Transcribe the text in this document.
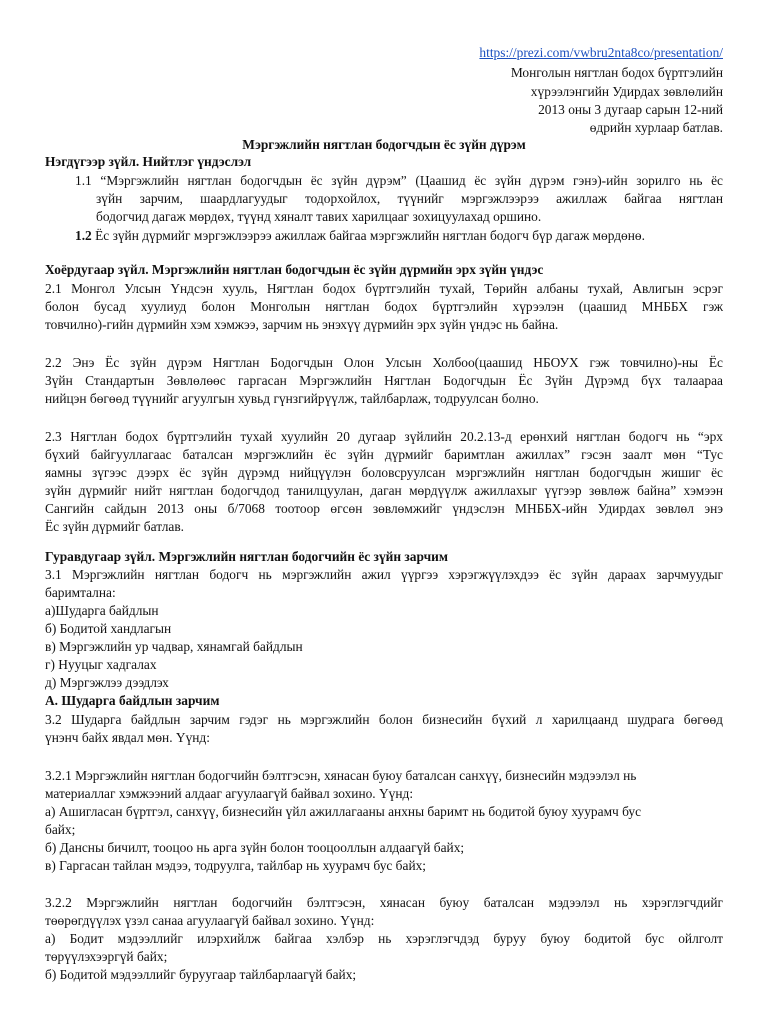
https://prezi.com/vwbru2nta8co/presentation/
Монголын нягтлан бодох бүртгэлийн
хүрээлэнгийн Удирдах зөвлөлийн
2013 оны 3 дугаар сарын 12-ний
өдрийн хурлаар батлав.
Мэргэжлийн нягтлан бодогчдын ёс зүйн дүрэм
Нэгдүгээр зүйл. Нийтлэг үндэслэл
1.1 “Мэргэжлийн нягтлан бодогчдын ёс зүйн дүрэм” (Цаашид ёс зүйн дүрэм гэнэ)-ийн зорилго нь ёс
зүйн зарчим, шаардлагуудыг тодорхойлох, түүнийг мэргэжлээрээ ажиллаж байгаа нягтлан
бодогчид дагаж мөрдөх, түүнд хяналт тавих харилцааг зохицуулахад оршино.
1.2 Ёс зүйн дүрмийг мэргэжлээрээ ажиллаж байгаа мэргэжлийн нягтлан бодогч бүр дагаж мөрдөнө.
Хоёрдугаар зүйл. Мэргэжлийн нягтлан бодогчдын ёс зүйн дүрмийн эрх зүйн үндэс
2.1 Монгол Улсын Үндсэн хууль, Нягтлан бодох бүртгэлийн тухай, Төрийн албаны тухай, Авлигын эсрэг
болон бусад хуулиуд болон Монголын нягтлан бодох бүртгэлийн хүрээлэн (цаашид МНББХ гэж
товчилно)-гийн дүрмийн хэм хэмжээ, зарчим нь энэхүү дүрмийн эрх зүйн үндэс нь байна.
2.2 Энэ Ёс зүйн дүрэм Нягтлан Бодогчдын Олон Улсын Холбоо(цаашид НБОУХ гэж товчилно)-ны Ёс
Зүйн Стандартын Зөвлөлөөс гаргасан Мэргэжлийн Нягтлан Бодогчдын Ёс Зүйн Дүрэмд бүх талаараа
нийцэн бөгөөд түүнийг агуулгын хувьд гүнзгийрүүлж, тайлбарлаж, тодруулсан болно.
2.3 Нягтлан бодох бүртгэлийн тухай хуулийн 20 дугаар зүйлийн 20.2.13-д ерөнхий нягтлан бодогч нь “эрх
бүхий байгууллагаас баталсан мэргэжлийн ёс зүйн дүрмийг баримтлан ажиллах” гэсэн заалт мөн “Тус
яамны зүгээс дээрх ёс зүйн дүрэмд нийцүүлэн боловсруулсан мэргэжлийн нягтлан бодогчдын жишиг ёс
зүйн дүрмийг нийт нягтлан бодогчдод танилцуулан, даган мөрдүүлж ажиллахыг үүгээр зөвлөж байна” хэмээн
Сангийн сайдын 2013 оны б/7068 тоотоор өгсөн зөвлөмжийг үндэслэн МНББХ-ийн Удирдах зөвлөл энэ
Ёс зүйн дүрмийг батлав.
Гуравдугаар зүйл. Мэргэжлийн нягтлан бодогчийн ёс зүйн зарчим
3.1 Мэргэжлийн нягтлан бодогч нь мэргэжлийн ажил үүргээ хэрэгжүүлэхдээ ёс зүйн дараах зарчмуудыг
баримтална:
а)Шударга байдлын
б) Бодитой хандлагын
в) Мэргэжлийн ур чадвар, хянамгай байдлын
г) Нууцыг хадгалах
д) Мэргэжлээ дээдлэх
А. Шударга байдлын зарчим
3.2 Шударга байдлын зарчим гэдэг нь мэргэжлийн болон бизнесийн бүхий л харилцаанд шудрага бөгөөд
үнэнч байх явдал мөн. Үүнд:
3.2.1 Мэргэжлийн нягтлан бодогчийн бэлтгэсэн, хянасан буюу баталсан санхүү, бизнесийн мэдээлэл нь
материаллаг хэмжээний алдааг агуулаагүй байвал зохино. Үүнд:
а) Ашигласан бүртгэл, санхүү, бизнесийн үйл ажиллагааны анхны баримт нь бодитой буюу хуурамч бус
байх;
б) Дансны бичилт, тооцоо нь арга зүйн болон тооцооллын алдаагүй байх;
в) Гаргасан тайлан мэдээ, тодруулга, тайлбар нь хуурамч бус байх;
3.2.2 Мэргэжлийн нягтлан бодогчийн бэлтгэсэн, хянасан буюу баталсан мэдээлэл нь хэрэглэгчдийг
төөрөгдүүлэх үзэл санаа агуулаагүй байвал зохино. Үүнд:
а) Бодит мэдээллийг илэрхийлж байгаа хэлбэр нь хэрэглэгчдэд буруу буюу бодитой бус ойлголт
төрүүлэхээргүй байх;
б) Бодитой мэдээллийг буруугаар тайлбарлаагүй байх;
